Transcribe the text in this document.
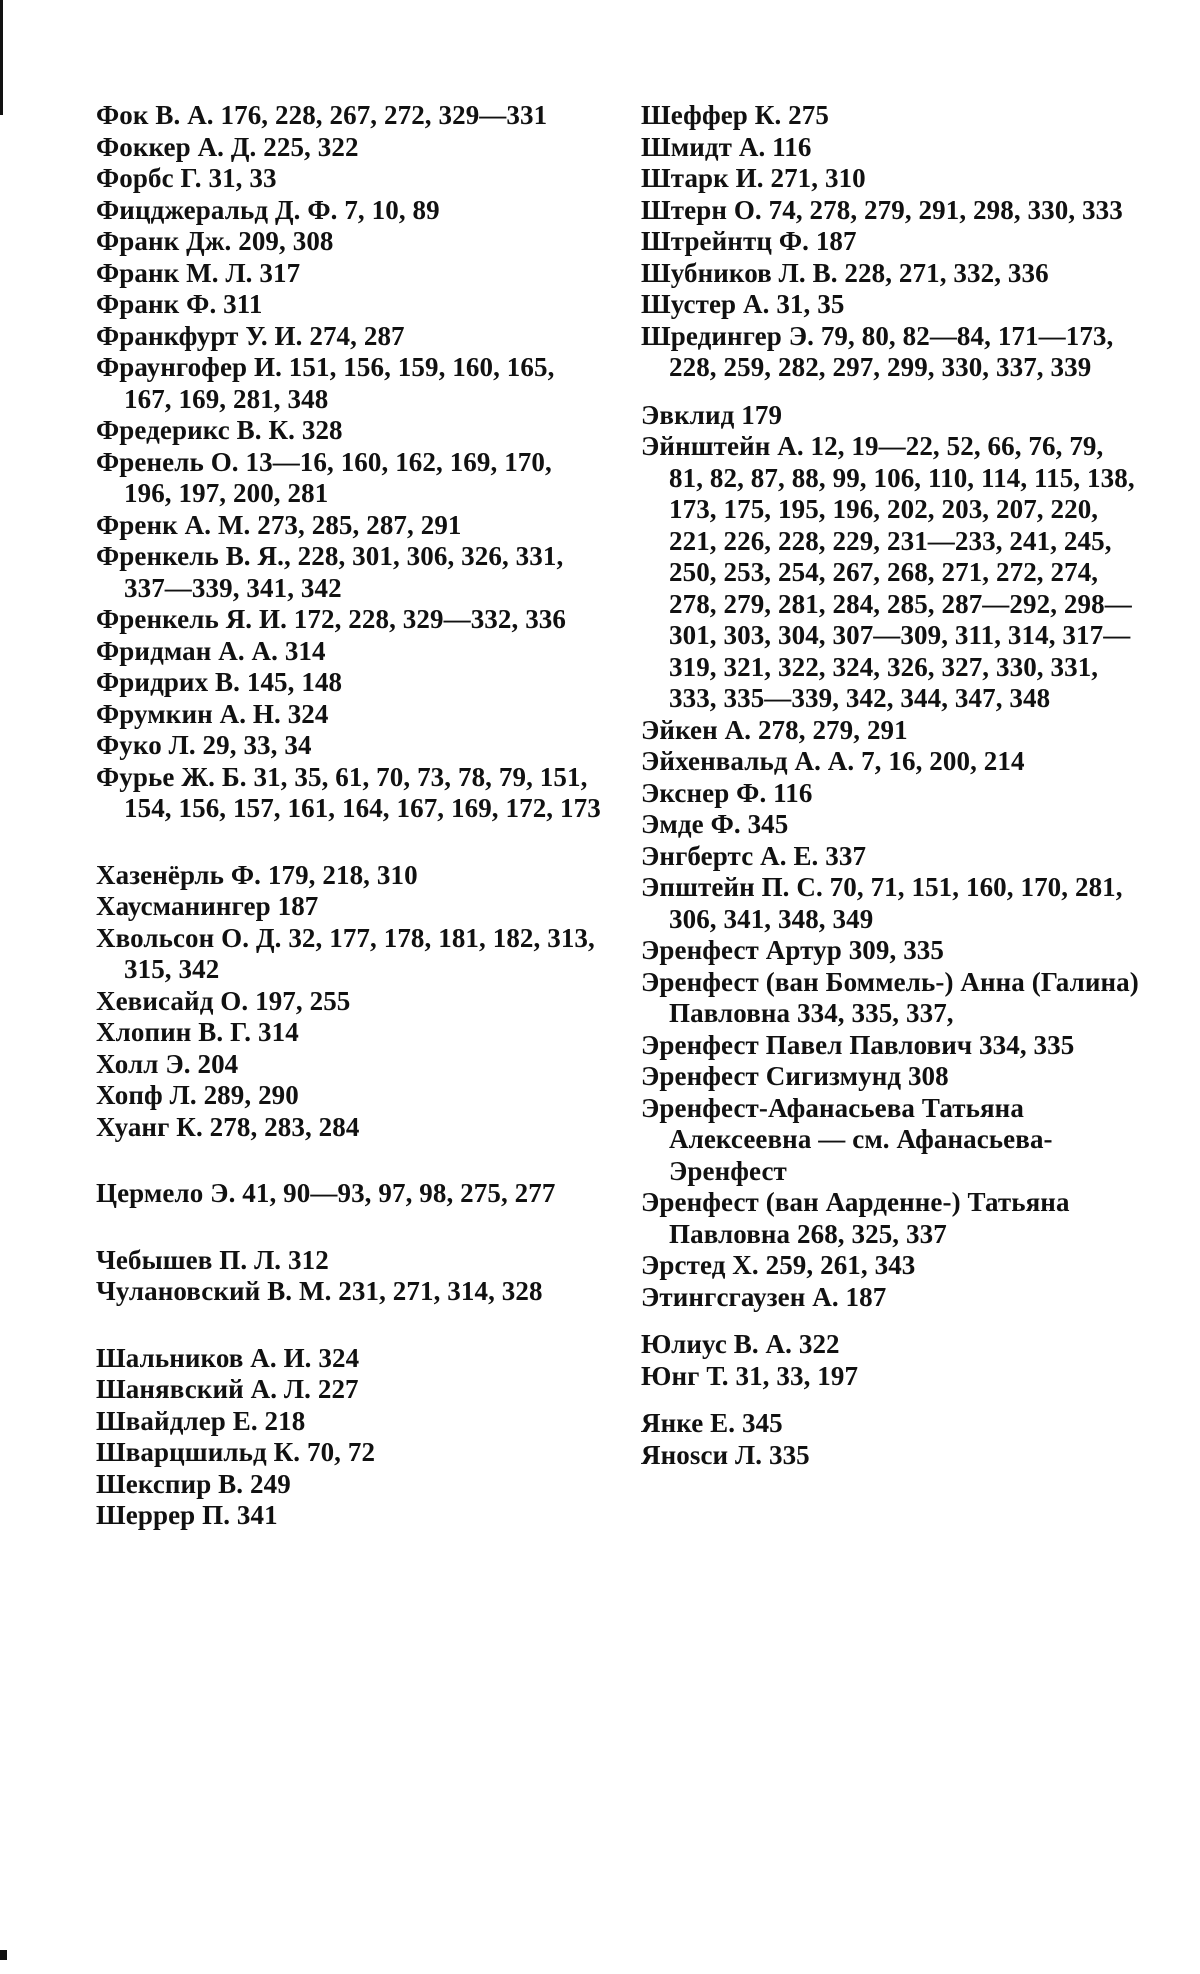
Фок В. А. 176, 228, 267, 272, 329—331
Фоккер А. Д. 225, 322
Форбс Г. 31, 33
Фицджеральд Д. Ф. 7, 10, 89
Франк Дж. 209, 308
Франк М. Л. 317
Франк Ф. 311
Франкфурт У. И. 274, 287
Фраунгофер И. 151, 156, 159, 160, 165, 167, 169, 281, 348
Фредерикс В. К. 328
Френель О. 13—16, 160, 162, 169, 170, 196, 197, 200, 281
Френк А. М. 273, 285, 287, 291
Френкель В. Я., 228, 301, 306, 326, 331, 337—339, 341, 342
Френкель Я. И. 172, 228, 329—332, 336
Фридман А. А. 314
Фридрих В. 145, 148
Фрумкин А. Н. 324
Фуко Л. 29, 33, 34
Фурье Ж. Б. 31, 35, 61, 70, 73, 78, 79, 151, 154, 156, 157, 161, 164, 167, 169, 172, 173
Хазенёрль Ф. 179, 218, 310
Хаусманингер 187
Хвольсон О. Д. 32, 177, 178, 181, 182, 313, 315, 342
Хевисайд О. 197, 255
Хлопин В. Г. 314
Холл Э. 204
Хопф Л. 289, 290
Хуанг К. 278, 283, 284
Цермело Э. 41, 90—93, 97, 98, 275, 277
Чебышев П. Л. 312
Чулановский В. М. 231, 271, 314, 328
Шальников А. И. 324
Шанявский А. Л. 227
Швайдлер Е. 218
Шварцшильд К. 70, 72
Шекспир В. 249
Шеррер П. 341
Шеффер К. 275
Шмидт А. 116
Штарк И. 271, 310
Штерн О. 74, 278, 279, 291, 298, 330, 333
Штрейнтц Ф. 187
Шубников Л. В. 228, 271, 332, 336
Шустер А. 31, 35
Шредингер Э. 79, 80, 82—84, 171—173, 228, 259, 282, 297, 299, 330, 337, 339
Эвклид 179
Эйнштейн А. 12, 19—22, 52, 66, 76, 79, 81, 82, 87, 88, 99, 106, 110, 114, 115, 138, 173, 175, 195, 196, 202, 203, 207, 220, 221, 226, 228, 229, 231—233, 241, 245, 250, 253, 254, 267, 268, 271, 272, 274, 278, 279, 281, 284, 285, 287—292, 298—301, 303, 304, 307—309, 311, 314, 317—319, 321, 322, 324, 326, 327, 330, 331, 333, 335—339, 342, 344, 347, 348
Эйкен А. 278, 279, 291
Эйхенвальд А. А. 7, 16, 200, 214
Экснер Ф. 116
Эмде Ф. 345
Энгбертс А. Е. 337
Эпштейн П. С. 70, 71, 151, 160, 170, 281, 306, 341, 348, 349
Эренфест Артур 309, 335
Эренфест (ван Боммель-) Анна (Галина) Павловна 334, 335, 337,
Эренфест Павел Павлович 334, 335
Эренфест Сигизмунд 308
Эренфест-Афанасьева Татьяна Алексеевна — см. Афанасьева-Эренфест
Эренфест (ван Аарденне-) Татьяна Павловна 268, 325, 337
Эрстед Х. 259, 261, 343
Этингсгаузен А. 187
Юлиус В. А. 322
Юнг Т. 31, 33, 197
Янке Е. 345
Янosси Л. 335
